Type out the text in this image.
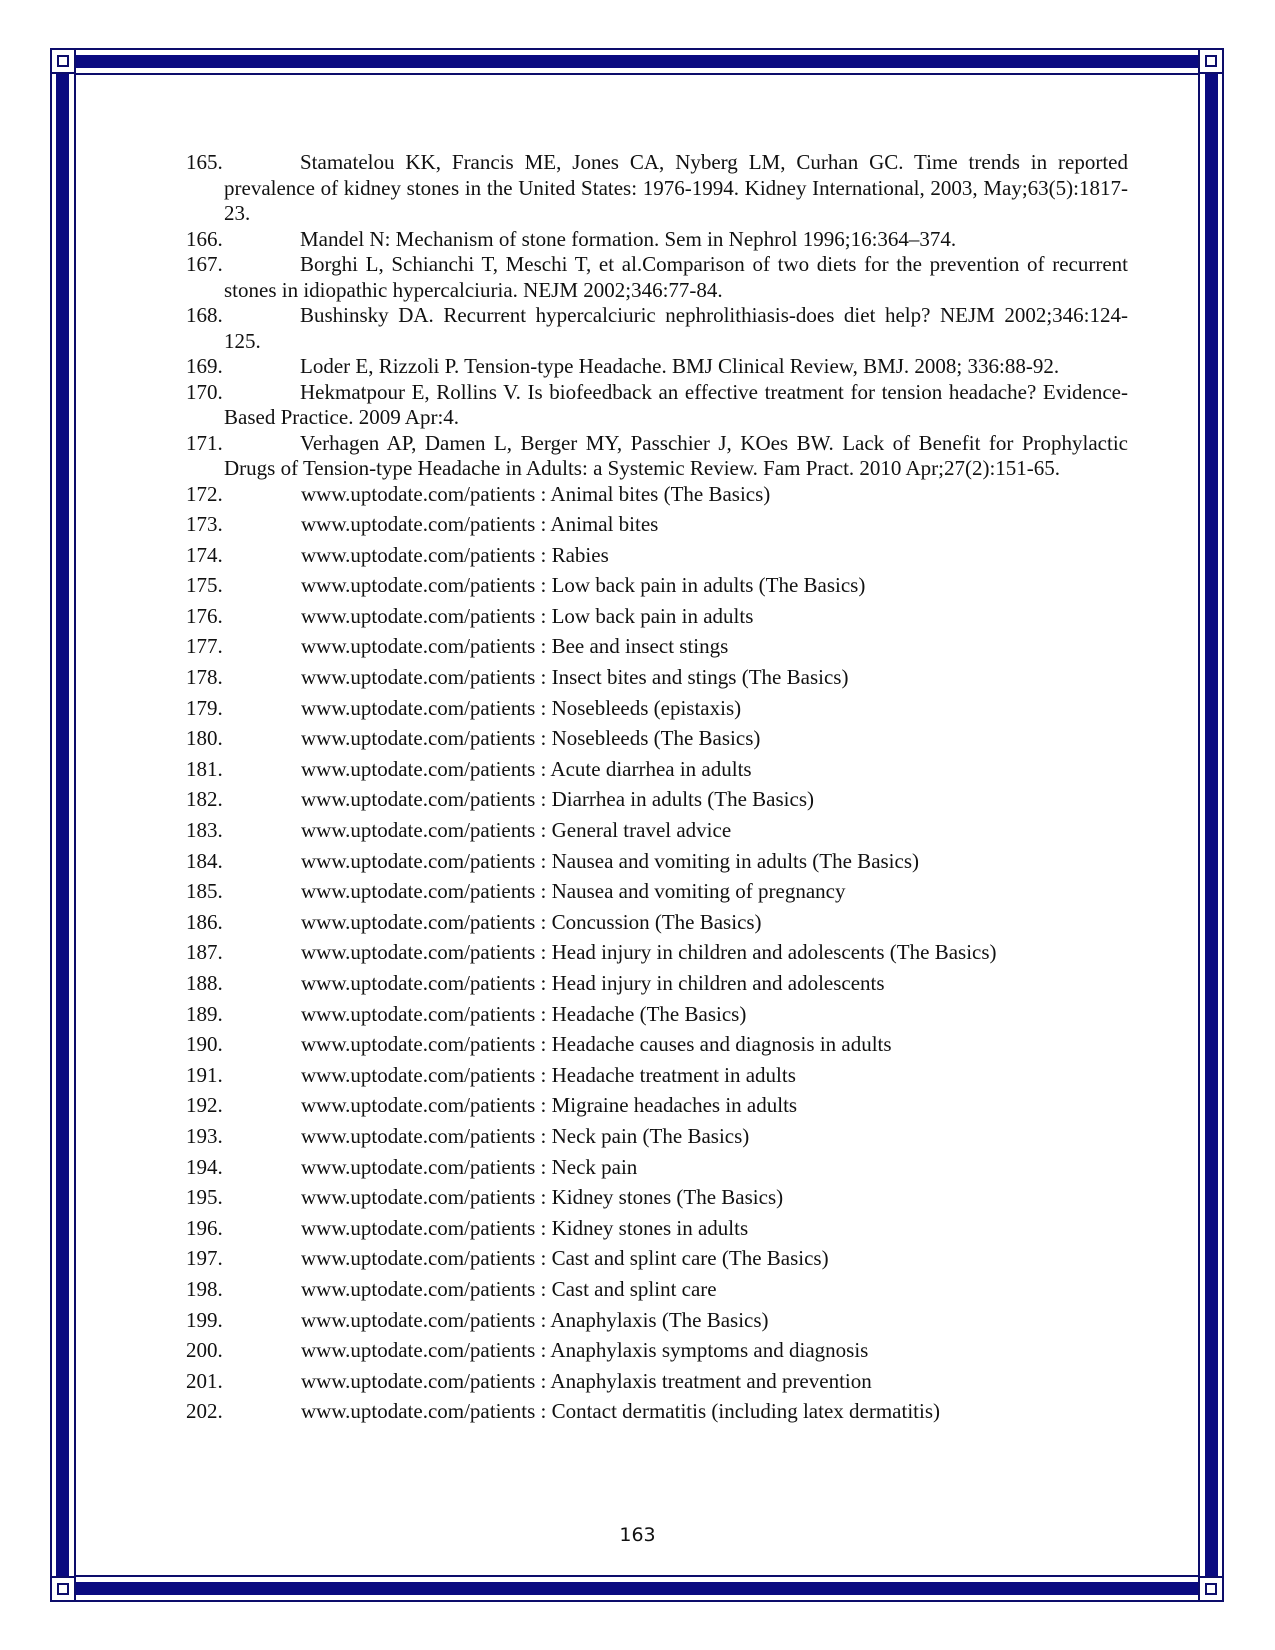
165.	Stamatelou KK, Francis ME, Jones CA, Nyberg LM, Curhan GC. Time trends in reported prevalence of kidney stones in the United States: 1976-1994. Kidney International, 2003, May;63(5):1817-23.
166.	Mandel N: Mechanism of stone formation. Sem in Nephrol 1996;16:364–374.
167.	Borghi L, Schianchi T, Meschi T, et al.Comparison of two diets for the prevention of recurrent stones in idiopathic hypercalciuria. NEJM 2002;346:77-84.
168.	Bushinsky DA. Recurrent hypercalciuric nephrolithiasis-does diet help? NEJM 2002;346:124-125.
169.	Loder E, Rizzoli P. Tension-type Headache. BMJ Clinical Review, BMJ. 2008; 336:88-92.
170.	Hekmatpour E, Rollins V. Is biofeedback an effective treatment for tension headache? Evidence-Based Practice. 2009 Apr:4.
171.	Verhagen AP, Damen L, Berger MY, Passchier J, KOes BW. Lack of Benefit for Prophylactic Drugs of Tension-type Headache in Adults: a Systemic Review. Fam Pract. 2010 Apr;27(2):151-65.
172.	www.uptodate.com/patients : Animal bites (The Basics)
173.	www.uptodate.com/patients : Animal bites
174.	www.uptodate.com/patients : Rabies
175.	www.uptodate.com/patients : Low back pain in adults (The Basics)
176.	www.uptodate.com/patients : Low back pain in adults
177.	www.uptodate.com/patients : Bee and insect stings
178.	www.uptodate.com/patients : Insect bites and stings (The Basics)
179.	www.uptodate.com/patients : Nosebleeds (epistaxis)
180.	www.uptodate.com/patients : Nosebleeds (The Basics)
181.	www.uptodate.com/patients : Acute diarrhea in adults
182.	www.uptodate.com/patients : Diarrhea in adults (The Basics)
183.	www.uptodate.com/patients : General travel advice
184.	www.uptodate.com/patients : Nausea and vomiting in adults (The Basics)
185.	www.uptodate.com/patients : Nausea and vomiting of pregnancy
186.	www.uptodate.com/patients : Concussion (The Basics)
187.	www.uptodate.com/patients : Head injury in children and adolescents (The Basics)
188.	www.uptodate.com/patients : Head injury in children and adolescents
189.	www.uptodate.com/patients : Headache (The Basics)
190.	www.uptodate.com/patients : Headache causes and diagnosis in adults
191.	www.uptodate.com/patients : Headache treatment in adults
192.	www.uptodate.com/patients : Migraine headaches in adults
193.	www.uptodate.com/patients : Neck pain (The Basics)
194.	www.uptodate.com/patients : Neck pain
195.	www.uptodate.com/patients : Kidney stones (The Basics)
196.	www.uptodate.com/patients : Kidney stones in adults
197.	www.uptodate.com/patients : Cast and splint care (The Basics)
198.	www.uptodate.com/patients : Cast and splint care
199.	www.uptodate.com/patients : Anaphylaxis (The Basics)
200.	www.uptodate.com/patients : Anaphylaxis symptoms and diagnosis
201.	www.uptodate.com/patients : Anaphylaxis treatment and prevention
202.	www.uptodate.com/patients : Contact dermatitis (including latex dermatitis)
163
